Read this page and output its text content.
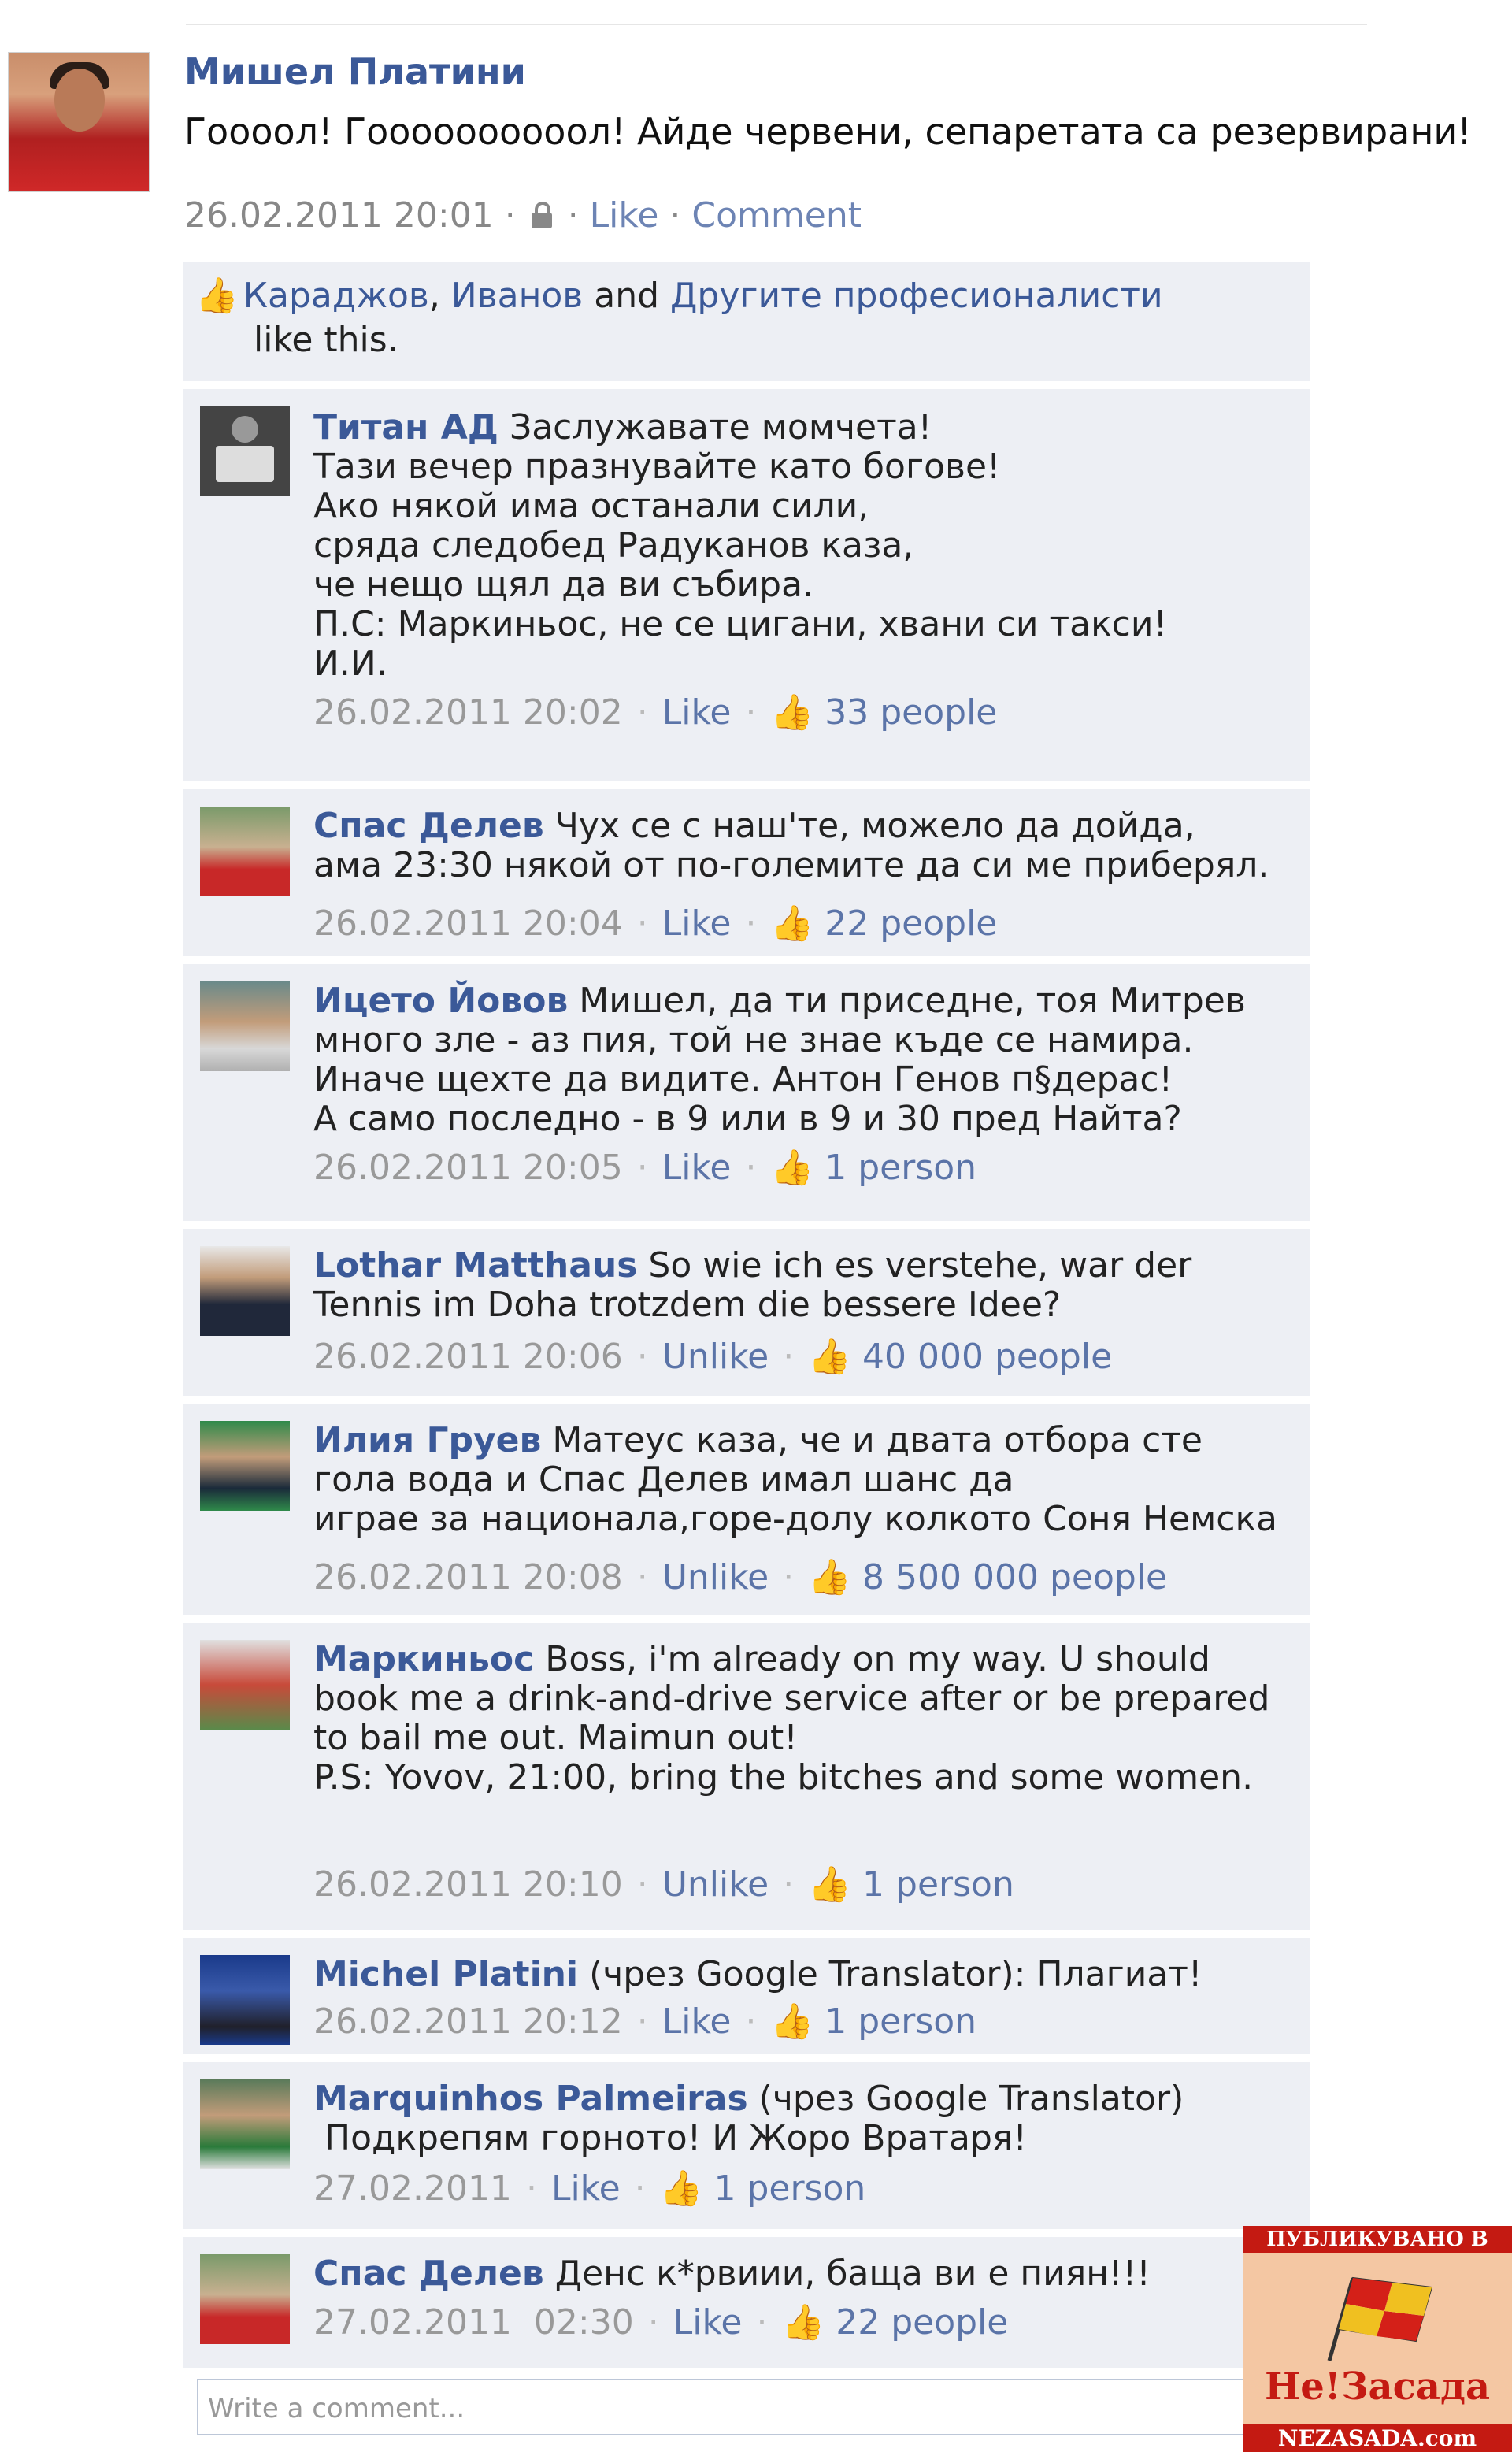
Мишел Платини
Гоооол! Гоооооооооол! Айде червени, сепаретата са резервирани!
26.02.2011 20:01 ·  · Like · Comment
👍 Караджов, Иванов and Другите професионалисти
like this.
Титан АД Заслужавате момчета!
Тази вечер празнувайте като богове!
Ако някой има останали сили,
сряда следобед Радуканов каза,
че нещо щял да ви събира.
П.С: Маркиньос, не се цигани, хвани си такси!
И.И.
26.02.2011 20:02 · Like · 👍 33 people
Спас Делев Чух се с наш'те, можело да дойда,
ама 23:30 някой от по-големите да си ме приберял.
26.02.2011 20:04 · Like · 👍 22 people
Ицето Йовов Мишел, да ти приседне, тоя Митрев
много зле - аз пия, той не знае къде се намира.
Иначе щехте да видите. Антон Генов п§дерас!
А само последно - в 9 или в 9 и 30 пред Найта?
26.02.2011 20:05 · Like · 👍 1 person
Lothar Matthaus So wie ich es verstehe, war der
Tennis im Doha trotzdem die bessere Idee?
26.02.2011 20:06 · Unlike · 👍 40 000 people
Илия Груев Матеус каза, че и двата отбора сте
гола вода и Спас Делев имал шанс да
играе за национала,горе-долу колкото Соня Немска
26.02.2011 20:08 · Unlike · 👍 8 500 000 people
Маркиньос Boss, i'm already on my way. U should
book me a drink-and-drive service after or be prepared
to bail me out. Maimun out!
P.S: Yovov, 21:00, bring the bitches and some women.
26.02.2011 20:10 · Unlike · 👍 1 person
Michel Platini (чрез Google Translator): Плагиат!
26.02.2011 20:12 · Like · 👍 1 person
Marquinhos Palmeiras (чрез Google Translator)
Подкрепям горното! И Жоро Вратаря!
27.02.2011 · Like · 👍 1 person
Спас Делев Денс к*рвиии, баща ви е пиян!!!
27.02.2011  02:30 · Like · 👍 22 people
Write a comment...
ПУБЛИКУВАНО В
Не!Засада
NEZASADA.com
